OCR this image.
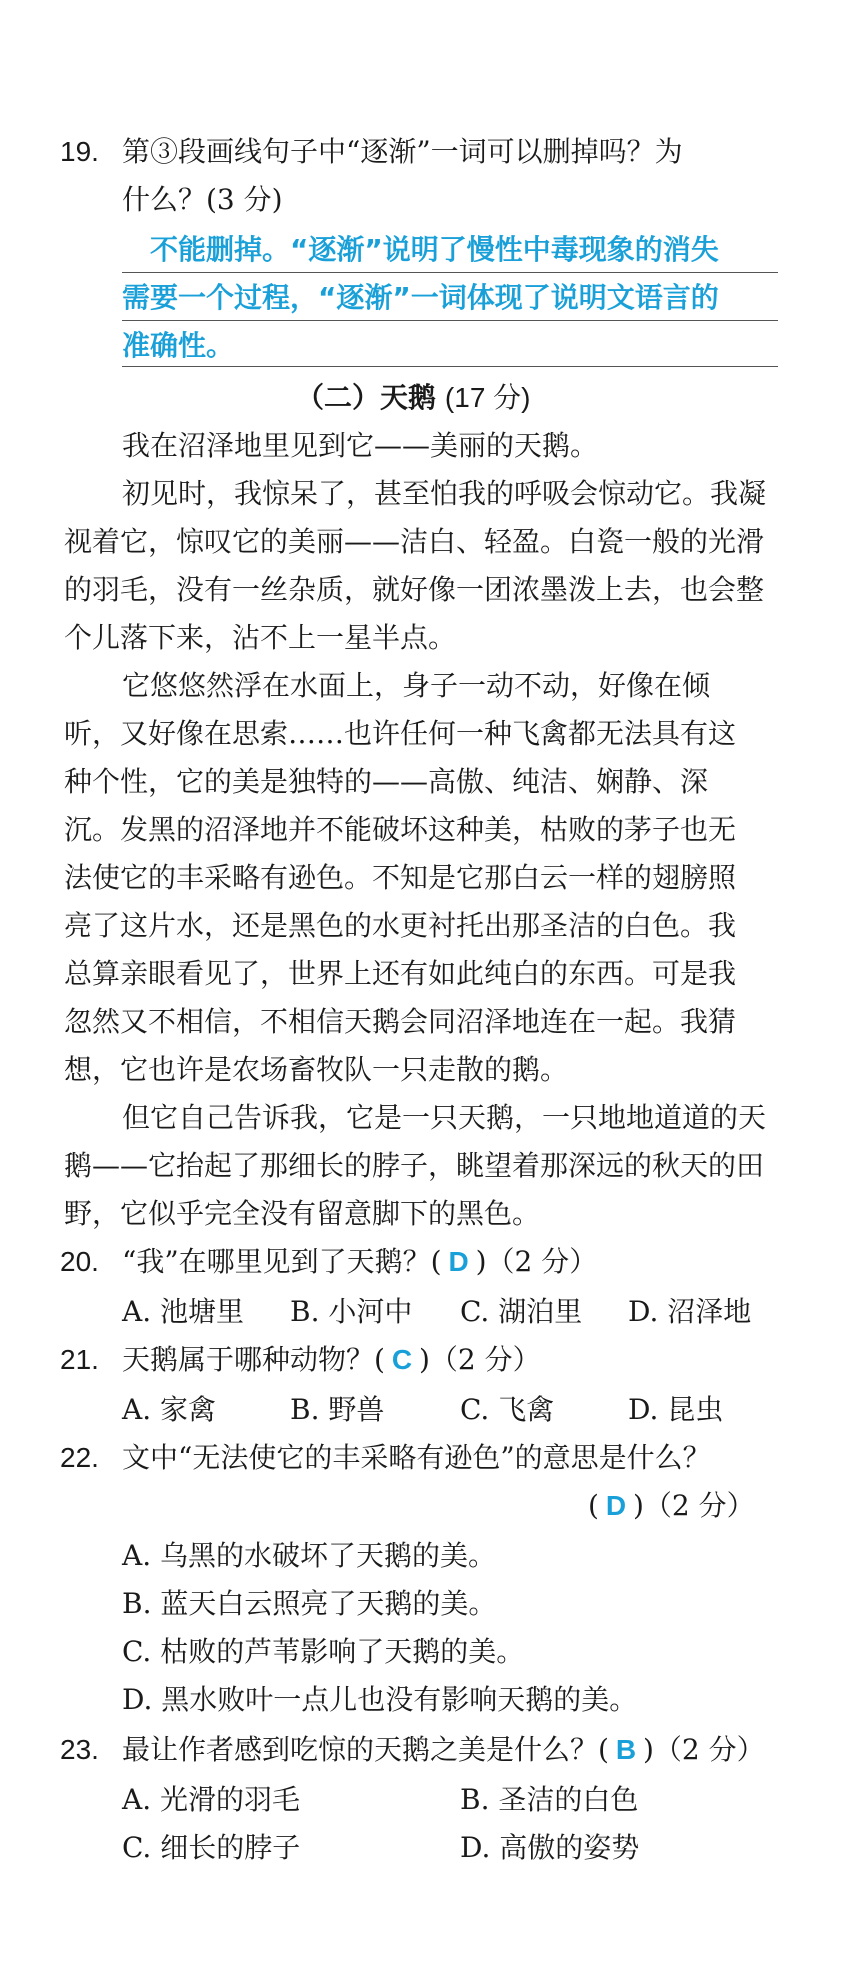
19. 第③段画线句子中“逐渐”一词可以删掉吗？为
什么？(3 分)
不能删掉。“逐渐”说明了慢性中毒现象的消失
需要一个过程，“逐渐”一词体现了说明文语言的
准确性。
（二）天鹅 (17 分)
我在沼泽地里见到它——美丽的天鹅。
初见时，我惊呆了，甚至怕我的呼吸会惊动它。我凝
视着它，惊叹它的美丽——洁白、轻盈。白瓷一般的光滑
的羽毛，没有一丝杂质，就好像一团浓墨泼上去，也会整
个儿落下来，沾不上一星半点。
它悠悠然浮在水面上，身子一动不动，好像在倾
听，又好像在思索……也许任何一种飞禽都无法具有这
种个性，它的美是独特的——高傲、纯洁、娴静、深
沉。发黑的沼泽地并不能破坏这种美，枯败的茅子也无
法使它的丰采略有逊色。不知是它那白云一样的翅膀照
亮了这片水，还是黑色的水更衬托出那圣洁的白色。我
总算亲眼看见了，世界上还有如此纯白的东西。可是我
忽然又不相信，不相信天鹅会同沼泽地连在一起。我猜
想，它也许是农场畜牧队一只走散的鹅。
但它自己告诉我，它是一只天鹅，一只地地道道的天
鹅——它抬起了那细长的脖子，眺望着那深远的秋天的田
野，它似乎完全没有留意脚下的黑色。
20. “我”在哪里见到了天鹅？( D )（2 分）
A. 池塘里 B. 小河中 C. 湖泊里 D. 沼泽地
21. 天鹅属于哪种动物？( C )（2 分）
A. 家禽	B. 野兽	C. 飞禽	D. 昆虫
22. 文中“无法使它的丰采略有逊色”的意思是什么？
( D )（2 分）
A. 乌黑的水破坏了天鹅的美。
B. 蓝天白云照亮了天鹅的美。
C. 枯败的芦苇影响了天鹅的美。
D. 黑水败叶一点儿也没有影响天鹅的美。
23. 最让作者感到吃惊的天鹅之美是什么？( B )（2 分）
A. 光滑的羽毛	B. 圣洁的白色
C. 细长的脖子	D. 高傲的姿势
